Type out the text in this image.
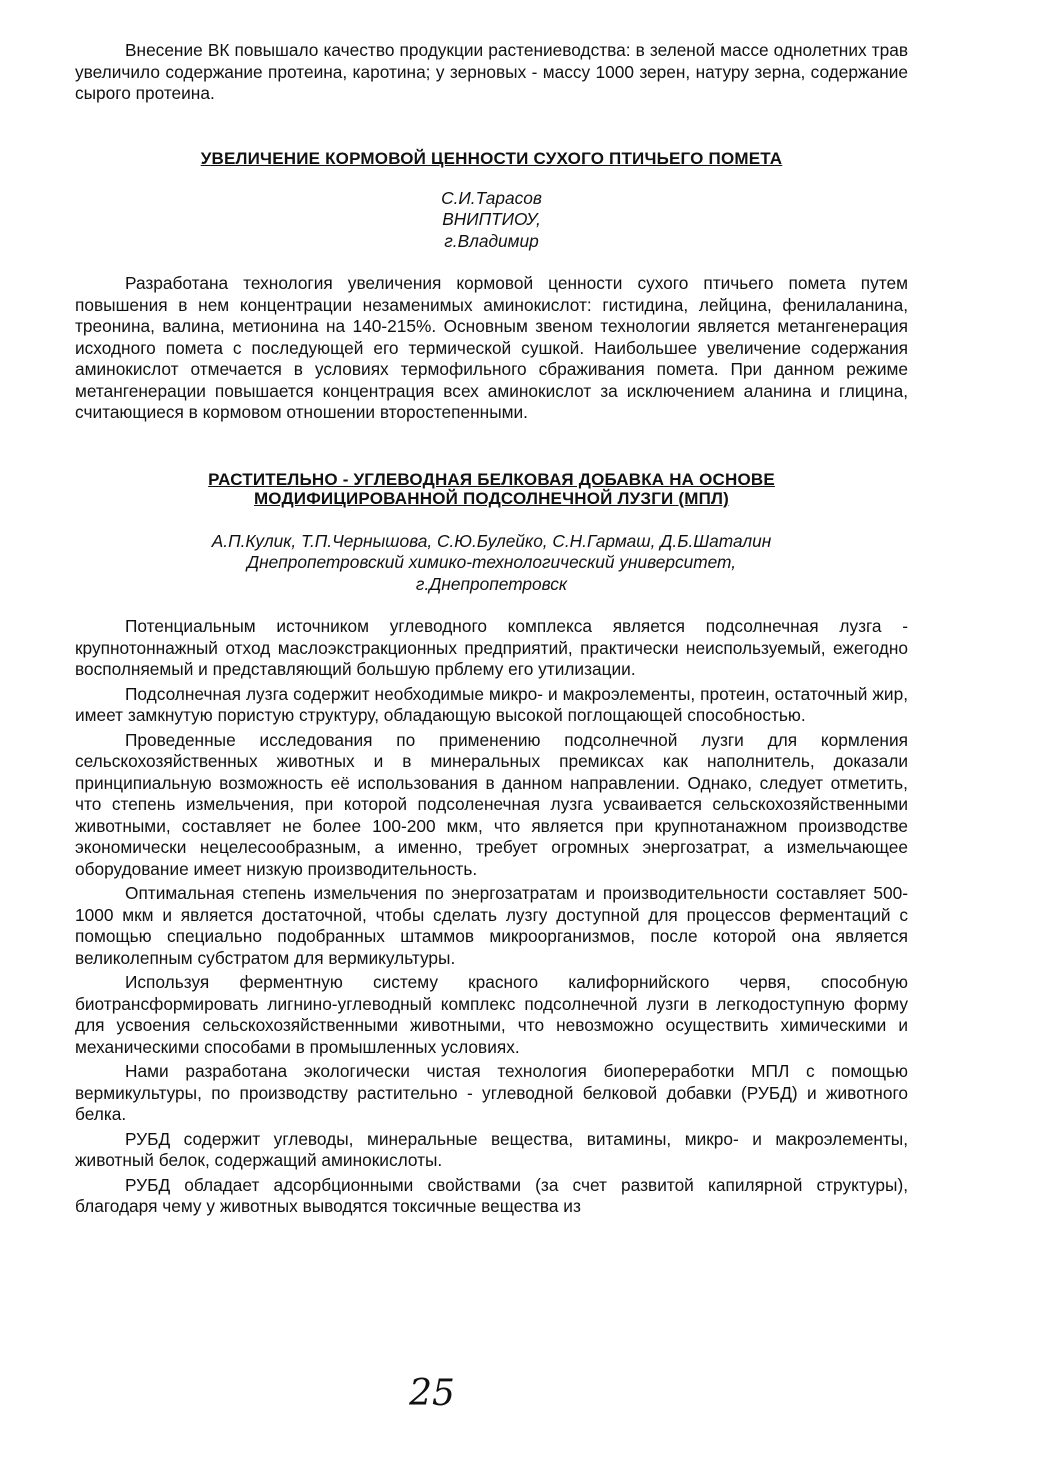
Внесение ВК повышало качество продукции растениеводства: в зеленой массе однолетних трав увеличило содержание протеина, каротина; у зерновых - массу 1000 зерен, натуру зерна, содержание сырого протеина.

УВЕЛИЧЕНИЕ КОРМОВОЙ ЦЕННОСТИ СУХОГО ПТИЧЬЕГО ПОМЕТА

С.И.Тарасов

ВНИПТИОУ,

г.Владимир

Разработана технология увеличения кормовой ценности сухого птичьего помета путем повышения в нем концентрации незаменимых аминокислот: гистидина, лейцина, фенилаланина, треонина, валина, метионина на 140-215%. Основным звеном технологии является метангенерация исходного помета с последующей его термической сушкой. Наибольшее увеличение содержания аминокислот отмечается в условиях термофильного сбраживания помета. При данном режиме метангенерации повышается концентрация всех аминокислот за исключением аланина и глицина, считающиеся в кормовом отношении второстепенными.

РАСТИТЕЛЬНО - УГЛЕВОДНАЯ БЕЛКОВАЯ ДОБАВКА НА ОСНОВЕ
МОДИФИЦИРОВАННОЙ ПОДСОЛНЕЧНОЙ ЛУЗГИ (МПЛ)

А.П.Кулик, Т.П.Чернышова, С.Ю.Булейко, С.Н.Гармаш, Д.Б.Шаталин

Днепропетровский химико-технологический университет,

г.Днепропетровск

Потенциальным источником углеводного комплекса является подсолнечная лузга - крупнотоннажный отход маслоэкстракционных предприятий, практически неиспользуемый, ежегодно восполняемый и представляющий большую прблему его утилизации.

Подсолнечная лузга содержит необходимые микро- и макроэлементы, протеин, остаточный жир, имеет замкнутую пористую структуру, обладающую высокой поглощающей способностью.

Проведенные исследования по применению подсолнечной лузги для кормления сельскохозяйственных животных и в минеральных премиксах как наполнитель, доказали принципиальную возможность её использования в данном направлении. Однако, следует отметить, что степень измельчения, при которой подсоленечная лузга усваивается сельскохозяйственными животными, составляет не более 100-200 мкм, что является при крупнотанажном производстве экономически нецелесообразным, а именно, требует огромных энергозатрат, а измельчающее оборудование имеет низкую производительность.

Оптимальная степень измельчения по энергозатратам и производительности составляет 500-1000 мкм и является достаточной, чтобы сделать лузгу доступной для процессов ферментаций с помощью специально подобранных штаммов микроорганизмов, после которой она является великолепным субстратом для вермикультуры.

Используя ферментную систему красного калифорнийского червя, способную биотрансформировать лигнино-углеводный комплекс подсолнечной лузги в легкодоступную форму для усвоения сельскохозяйственными животными, что невозможно осуществить химическими и механическими способами в промышленных условиях.

Нами разработана экологически чистая технология биопереработки МПЛ с помощью вермикультуры, по производству растительно - углеводной белковой добавки (РУБД) и животного белка.

РУБД содержит углеводы, минеральные вещества, витамины, микро- и макроэлементы, животный белок, содержащий аминокислоты.

РУБД обладает адсорбционными свойствами (за счет развитой капилярной структуры), благодаря чему у животных выводятся токсичные вещества из

25
